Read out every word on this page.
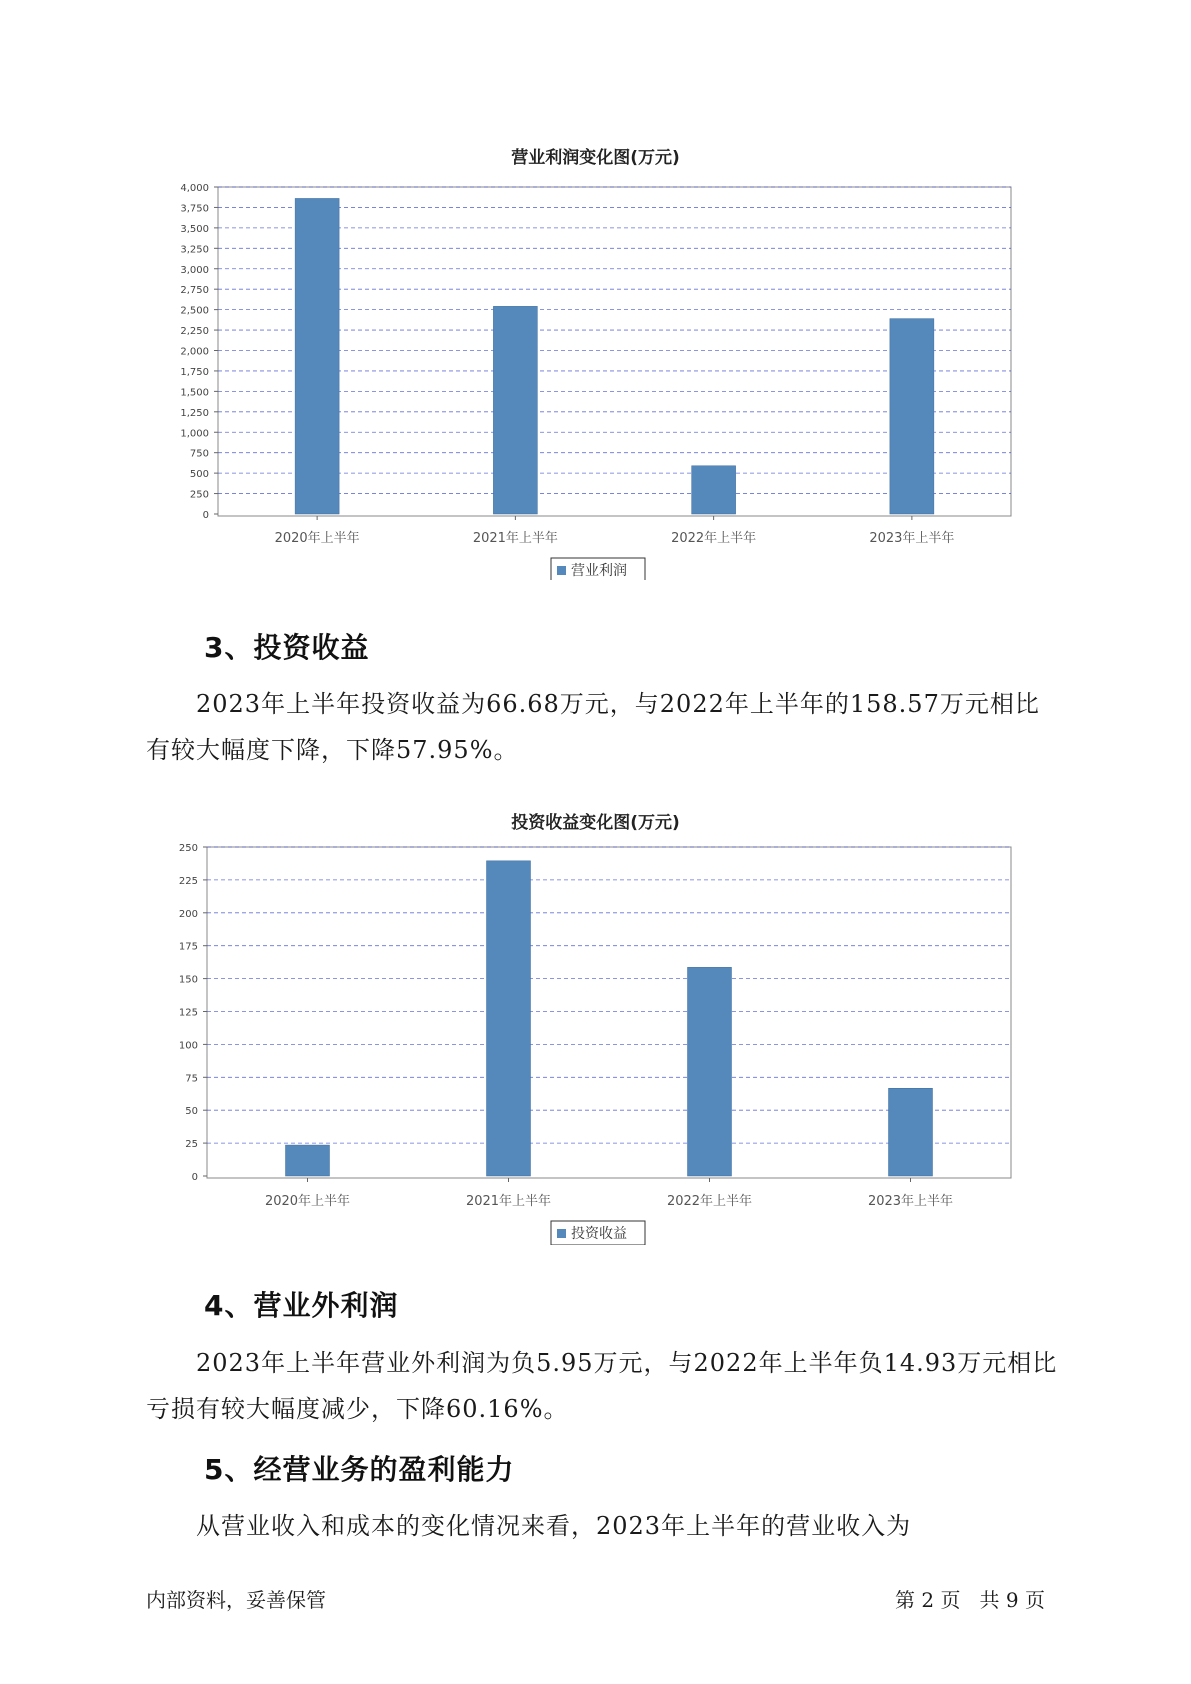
营业利润变化图(万元)
0
250
500
750
1,000
1,250
1,500
1,750
2,000
2,250
2,500
2,750
3,000
3,250
3,500
3,750
4,000
2020年上半年	2021年上半年	2022年上半年	2023年上半年
营业利润
3、投资收益

2023年上半年投资收益为66.68万元，与2022年上半年的158.57万元相比有较大幅度下降，下降57.95%。

投资收益变化图(万元)
0
25
50
75
100
125
150
175
200
225
250
2020年上半年	2021年上半年	2022年上半年	2023年上半年
投资收益
4、营业外利润

2023年上半年营业外利润为负5.95万元，与2022年上半年负14.93万元相比亏损有较大幅度减少，下降60.16%。

5、经营业务的盈利能力

从营业收入和成本的变化情况来看，2023年上半年的营业收入为

内部资料，妥善保管	第 2 页   共 9 页
